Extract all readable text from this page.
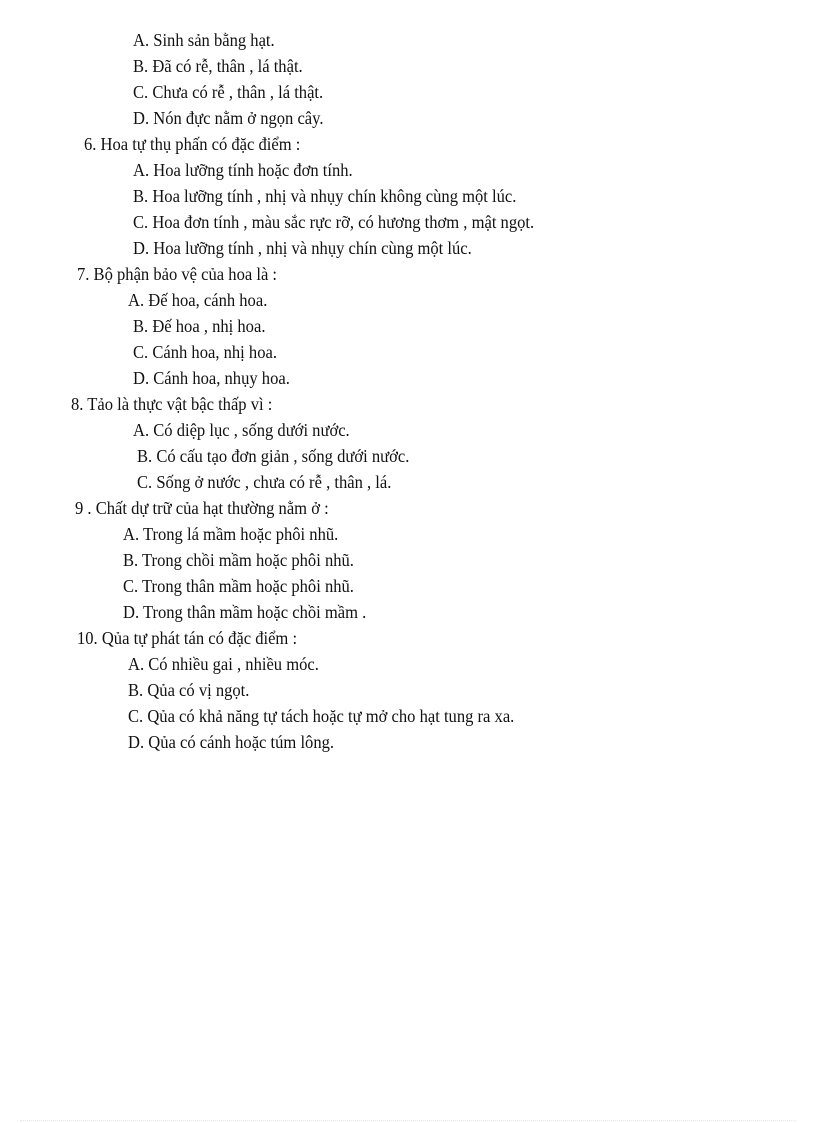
A. Sinh sản bằng hạt.
B. Đã có rễ, thân , lá thật.
C. Chưa có rễ , thân , lá thật.
D. Nón đực nằm ở ngọn cây.
6. Hoa tự thụ phấn có đặc điểm :
A. Hoa lưỡng tính hoặc đơn tính.
B. Hoa lưỡng tính , nhị và nhụy chín không cùng một lúc.
C. Hoa đơn tính , màu sắc rực rỡ, có hương thơm , mật ngọt.
D. Hoa lưỡng tính , nhị và nhụy chín cùng một lúc.
7. Bộ phận bảo vệ của hoa là :
A. Đế hoa, cánh hoa.
B. Đế hoa , nhị hoa.
C. Cánh hoa, nhị hoa.
D. Cánh hoa, nhụy hoa.
8. Tảo là thực vật bậc thấp vì :
A. Có diệp lục , sống dưới nước.
B. Có cấu tạo đơn giản , sống dưới nước.
C. Sống ở nước , chưa có rễ , thân , lá.
9 . Chất dự trữ của hạt thường nằm ở :
A. Trong lá mầm hoặc phôi nhũ.
B. Trong chồi mầm hoặc phôi nhũ.
C. Trong thân mầm hoặc phôi nhũ.
D. Trong thân mầm hoặc chồi mầm .
10. Qủa tự phát tán có đặc điểm :
A. Có nhiều gai , nhiều móc.
B. Qủa có vị ngọt.
C. Qủa có khả năng tự tách hoặc tự mở cho hạt tung ra xa.
D. Qủa có cánh hoặc túm lông.
